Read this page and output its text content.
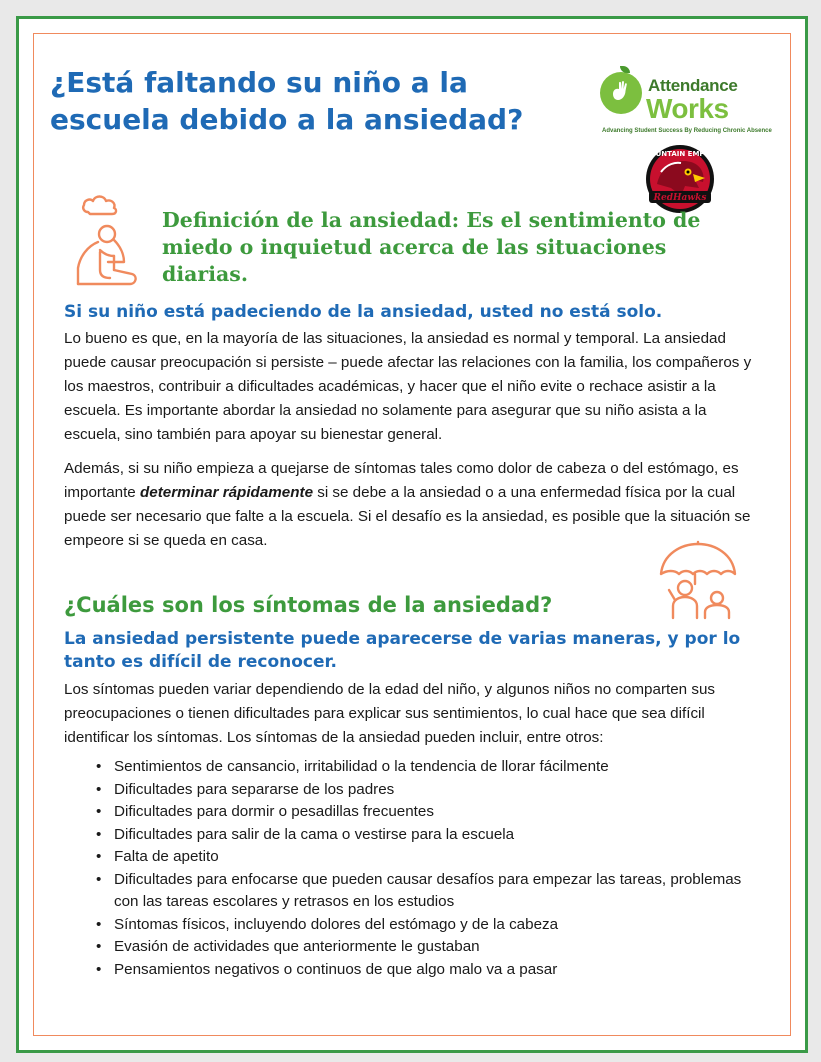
¿Está faltando su niño a la escuela debido a la ansiedad?
Attendance
Works
Advancing Student Success By Reducing Chronic Absence
MOUNTAIN EMPIRE
RedHawks
Definición de la ansiedad: Es el sentimiento de miedo o inquietud acerca de las situaciones diarias.
Si su niño está padeciendo de la ansiedad, usted no está solo.

Lo bueno es que, en la mayoría de las situaciones, la ansiedad es normal y temporal. La ansiedad puede causar preocupación si persiste – puede afectar las relaciones con la familia, los compañeros y los maestros, contribuir a dificultades académicas, y hacer que el niño evite o rechace asistir a la escuela. Es importante abordar la ansiedad no solamente para asegurar que su niño asista a la escuela, sino también para apoyar su bienestar general.

Además, si su niño empieza a quejarse de síntomas tales como dolor de cabeza o del estómago, es importante determinar rápidamente si se debe a la ansiedad o a una enfermedad física por la cual puede ser necesario que falte a la escuela. Si el desafío es la ansiedad, es posible que la situación se empeore si se queda en casa.

¿Cuáles son los síntomas de la ansiedad?
La ansiedad persistente puede aparecerse de varias maneras, y por lo tanto es difícil de reconocer.

Los síntomas pueden variar dependiendo de la edad del niño, y algunos niños no comparten sus preocupaciones o tienen dificultades para explicar sus sentimientos, lo cual hace que sea difícil identificar los síntomas. Los síntomas de la ansiedad pueden incluir, entre otros:

• Sentimientos de cansancio, irritabilidad o la tendencia de llorar fácilmente
• Dificultades para separarse de los padres
• Dificultades para dormir o pesadillas frecuentes
• Dificultades para salir de la cama o vestirse para la escuela
• Falta de apetito
• Dificultades para enfocarse que pueden causar desafíos para empezar las tareas, problemas con las tareas escolares y retrasos en los estudios
• Síntomas físicos, incluyendo dolores del estómago y de la cabeza
• Evasión de actividades que anteriormente le gustaban
• Pensamientos negativos o continuos de que algo malo va a pasar
